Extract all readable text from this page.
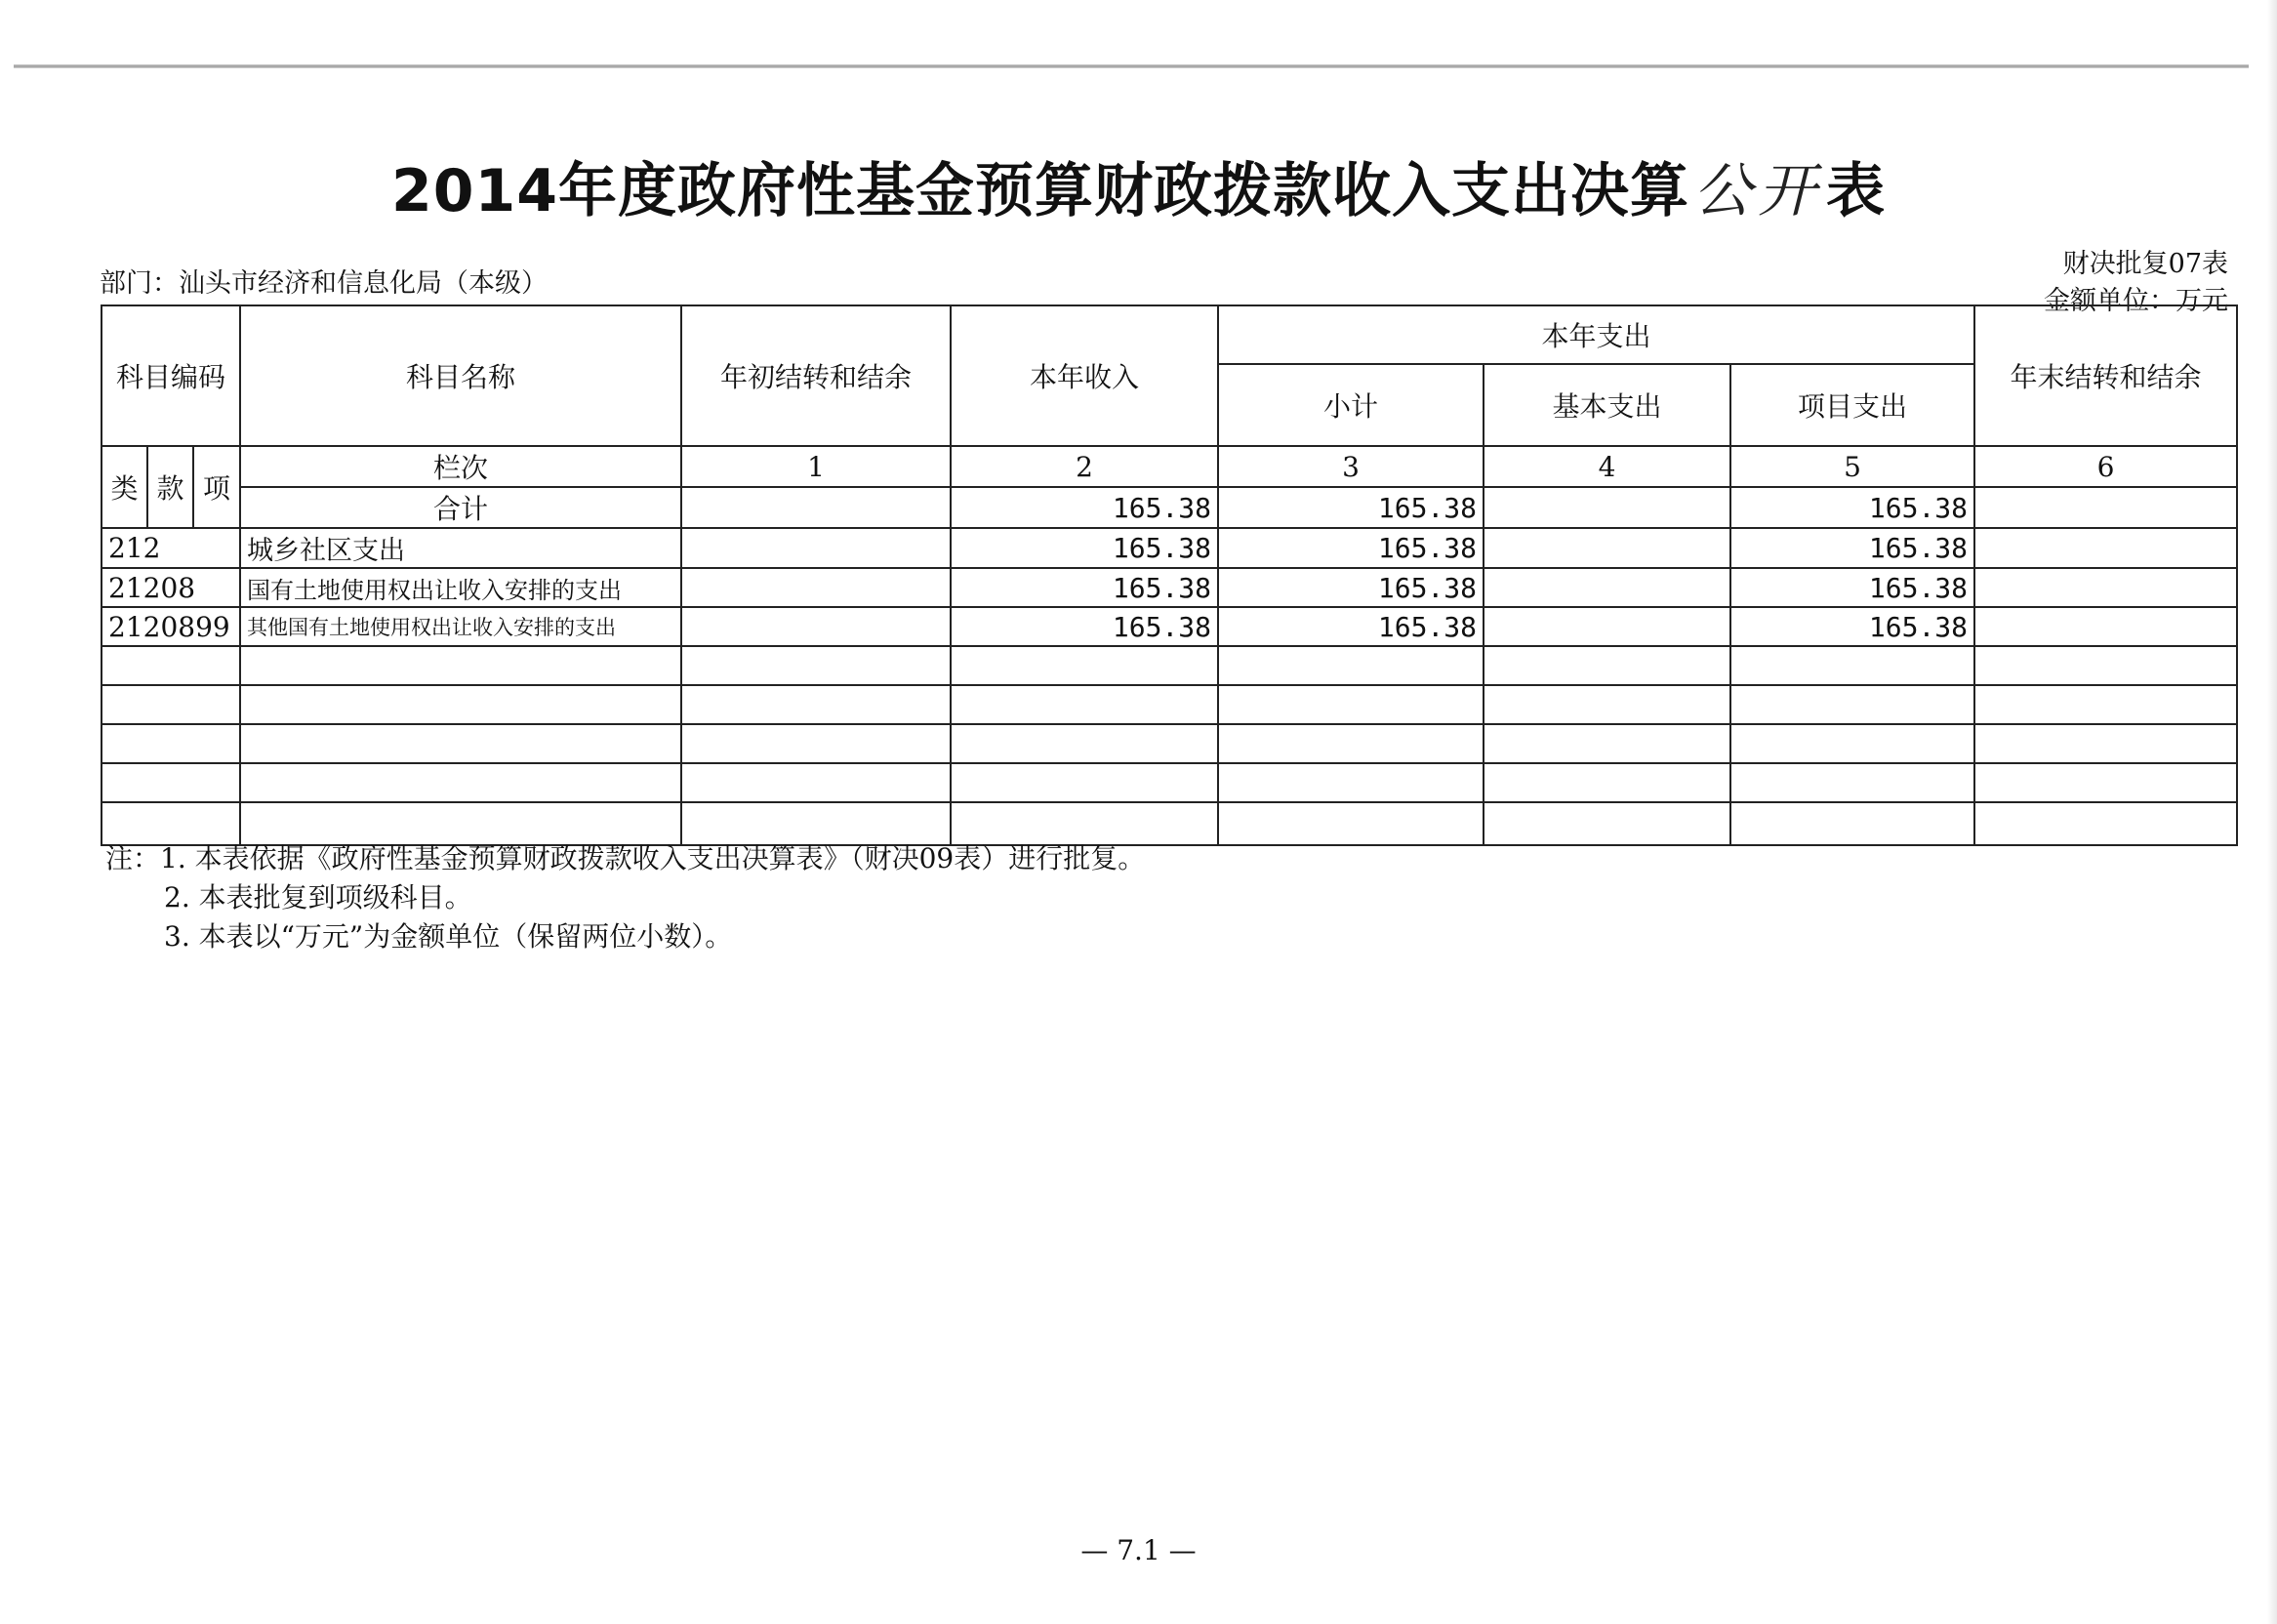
2014年度政府性基金预算财政拨款收入支出决算公开表
部门：汕头市经济和信息化局（本级）
财决批复07表
金额单位：万元
科目编码			科目名称	年初结转和结余	本年收入	本年支出			年末结转和结余
						小计	基本支出	项目支出	

类	款	项	栏次	1	2	3	4	5	6
			合计		165.38	165.38		165.38	
212			城乡社区支出		165.38	165.38		165.38	
21208			国有土地使用权出让收入安排的支出		165.38	165.38		165.38	
2120899			其他国有土地使用权出让收入安排的支出		165.38	165.38		165.38	

注：1. 本表依据《政府性基金预算财政拨款收入支出决算表》（财决09表）进行批复。
2. 本表批复到项级科目。
3. 本表以“万元”为金额单位（保留两位小数）。
— 7.1 —
